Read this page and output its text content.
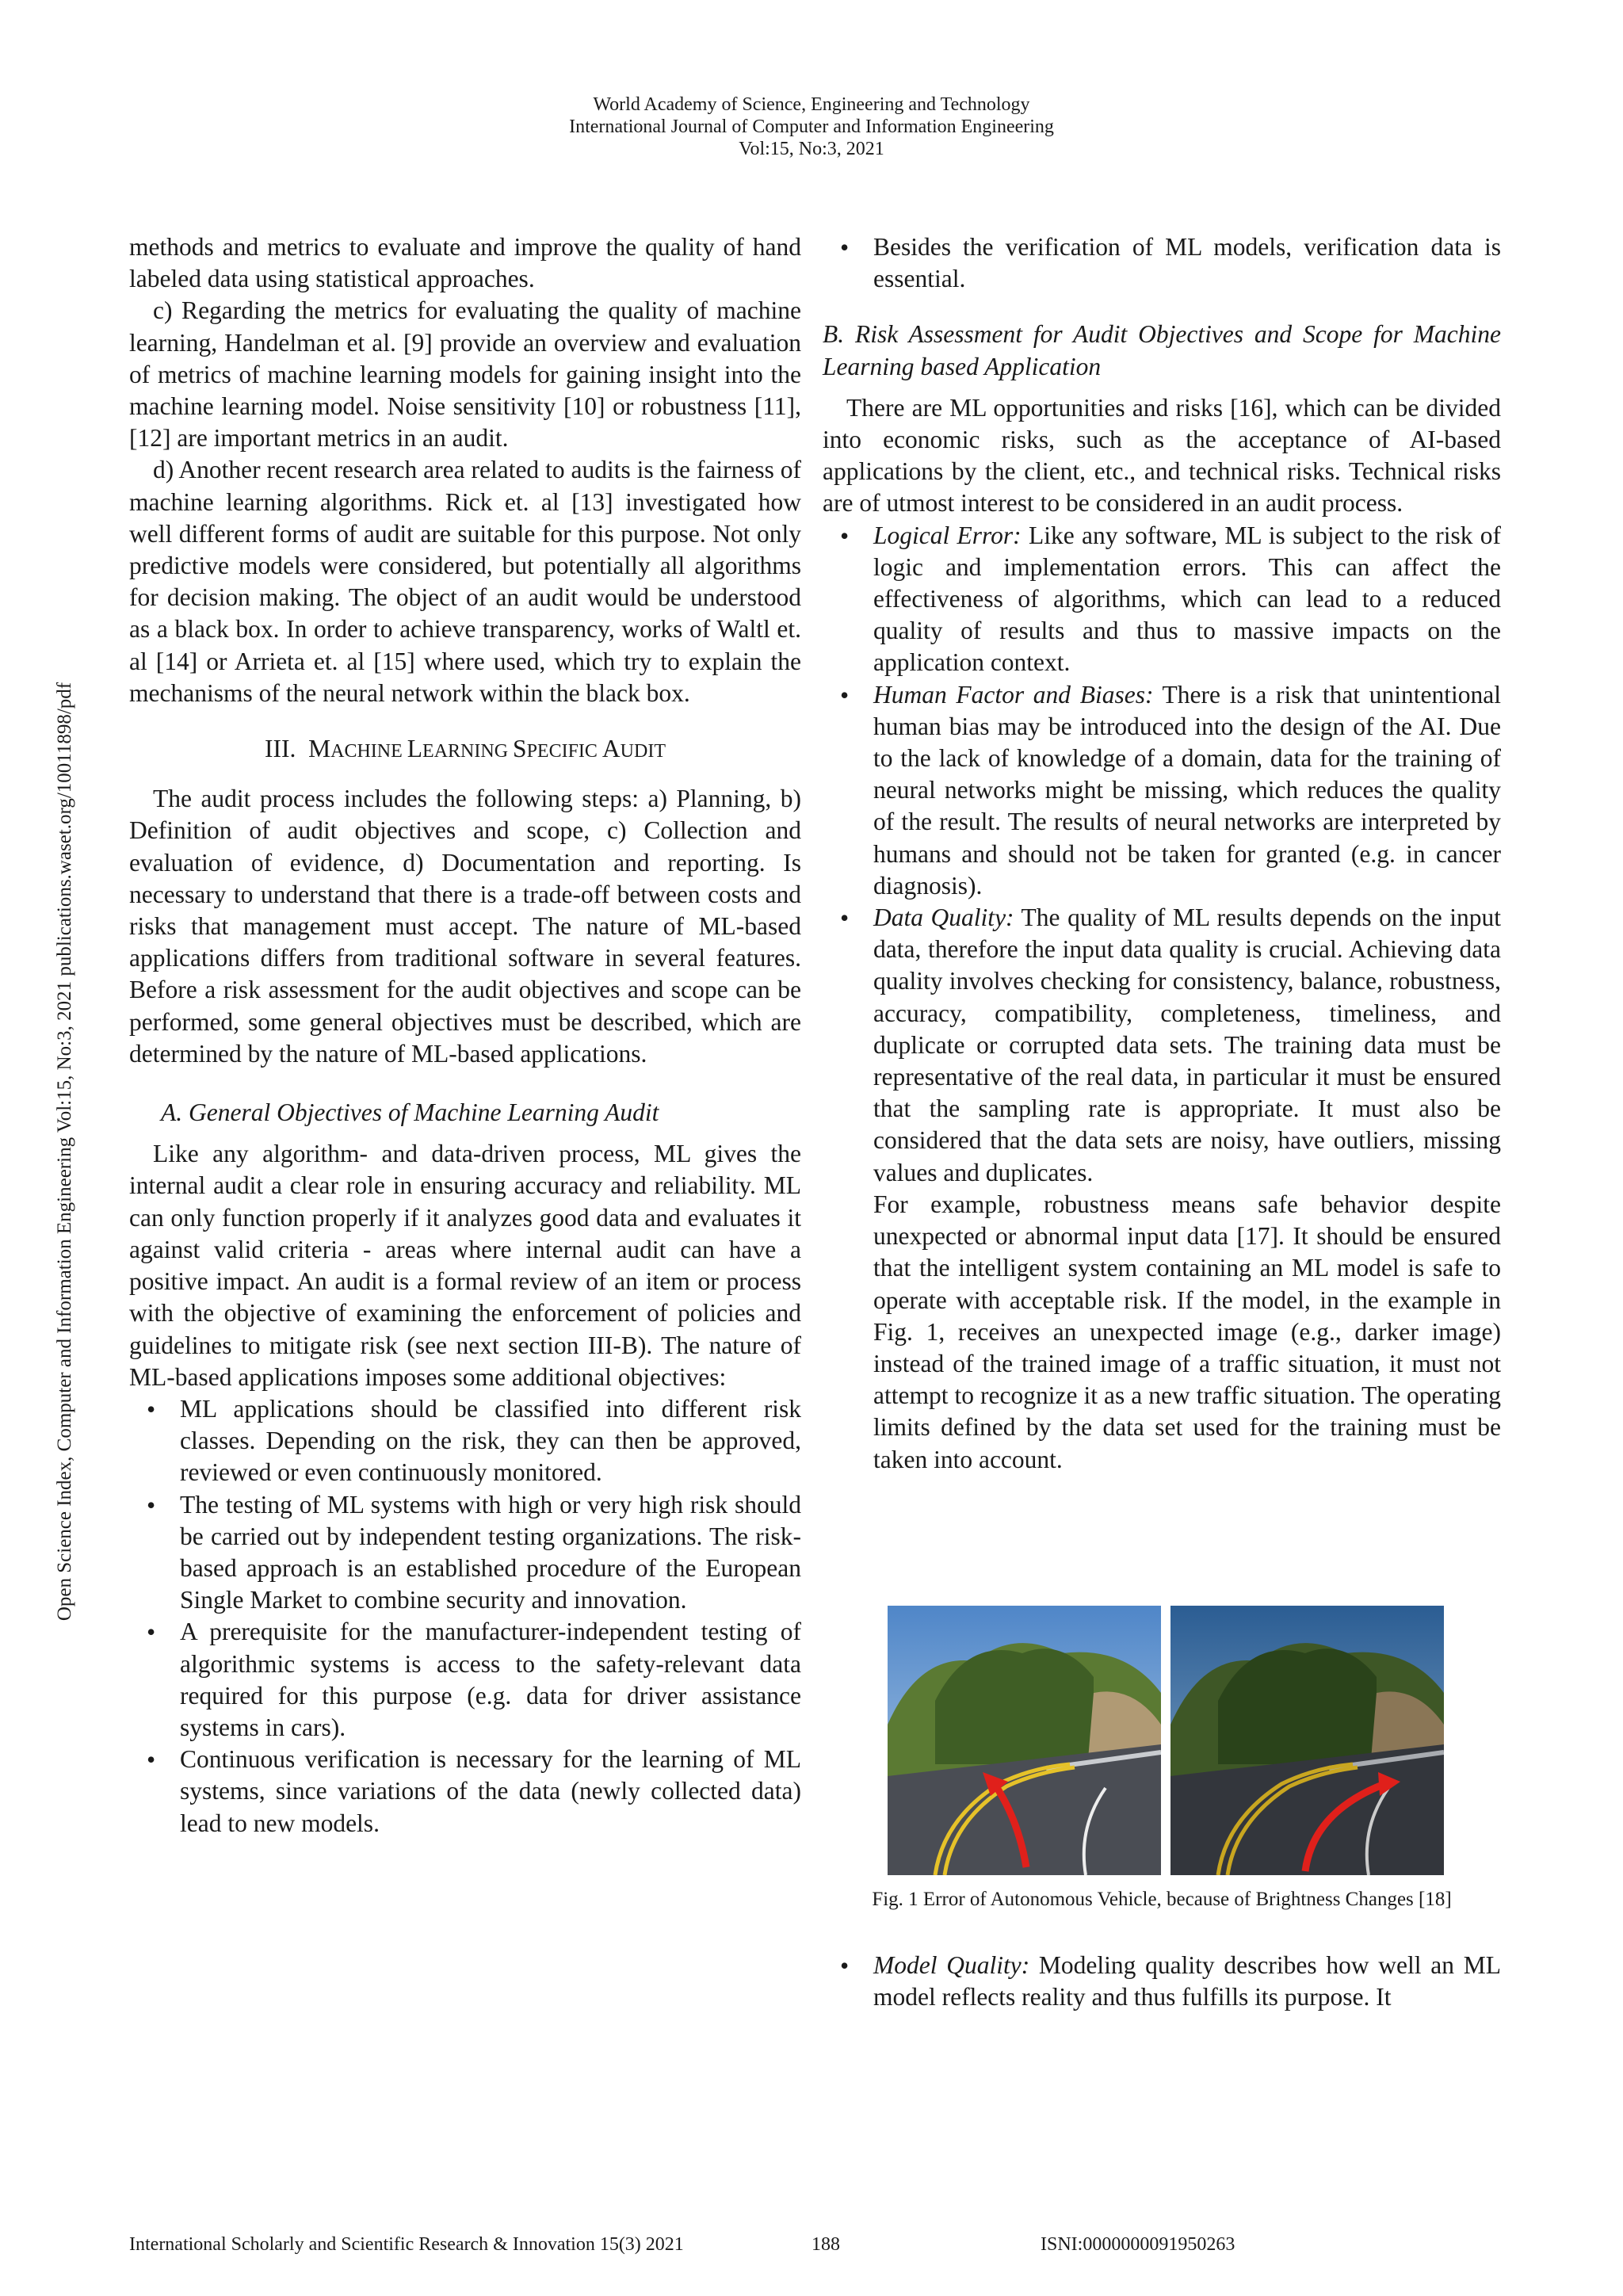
World Academy of Science, Engineering and Technology
International Journal of Computer and Information Engineering
Vol:15, No:3, 2021
Open Science Index, Computer and Information Engineering Vol:15, No:3, 2021 publications.waset.org/10011898/pdf

methods and metrics to evaluate and improve the quality of hand labeled data using statistical approaches.

c) Regarding the metrics for evaluating the quality of machine learning, Handelman et al. [9] provide an overview and evaluation of metrics of machine learning models for gaining insight into the machine learning model. Noise sensitivity [10] or robustness [11], [12] are important metrics in an audit.

d) Another recent research area related to audits is the fairness of machine learning algorithms. Rick et. al [13] investigated how well different forms of audit are suitable for this purpose. Not only predictive models were considered, but potentially all algorithms for decision making. The object of an audit would be understood as a black box. In order to achieve transparency, works of Waltl et. al [14] or Arrieta et. al [15] where used, which try to explain the mechanisms of the neural network within the black box.

III. MACHINE LEARNING SPECIFIC AUDIT

The audit process includes the following steps: a) Planning, b) Definition of audit objectives and scope, c) Collection and evaluation of evidence, d) Documentation and reporting. Is necessary to understand that there is a trade-off between costs and risks that management must accept. The nature of ML-based applications differs from traditional software in several features. Before a risk assessment for the audit objectives and scope can be performed, some general objectives must be described, which are determined by the nature of ML-based applications.

A. General Objectives of Machine Learning Audit

Like any algorithm- and data-driven process, ML gives the internal audit a clear role in ensuring accuracy and reliability. ML can only function properly if it analyzes good data and evaluates it against valid criteria - areas where internal audit can have a positive impact. An audit is a formal review of an item or process with the objective of examining the enforcement of policies and guidelines to mitigate risk (see next section III-B). The nature of ML-based applications imposes some additional objectives:

• ML applications should be classified into different risk classes. Depending on the risk, they can then be approved, reviewed or even continuously monitored.
• The testing of ML systems with high or very high risk should be carried out by independent testing organizations. The risk-based approach is an established procedure of the European Single Market to combine security and innovation.
• A prerequisite for the manufacturer-independent testing of algorithmic systems is access to the safety-relevant data required for this purpose (e.g. data for driver assistance systems in cars).
• Continuous verification is necessary for the learning of ML systems, since variations of the data (newly collected data) lead to new models.
• Besides the verification of ML models, verification data is essential.
B. Risk Assessment for Audit Objectives and Scope for Machine Learning based Application

There are ML opportunities and risks [16], which can be divided into economic risks, such as the acceptance of AI-based applications by the client, etc., and technical risks. Technical risks are of utmost interest to be considered in an audit process.

• Logical Error: Like any software, ML is subject to the risk of logic and implementation errors. This can affect the effectiveness of algorithms, which can lead to a reduced quality of results and thus to massive impacts on the application context.
• Human Factor and Biases: There is a risk that unintentional human bias may be introduced into the design of the AI. Due to the lack of knowledge of a domain, data for the training of neural networks might be missing, which reduces the quality of the result. The results of neural networks are interpreted by humans and should not be taken for granted (e.g. in cancer diagnosis).
• Data Quality: The quality of ML results depends on the input data, therefore the input data quality is crucial. Achieving data quality involves checking for consistency, balance, robustness, accuracy, compatibility, completeness, timeliness, and duplicate or corrupted data sets. The training data must be representative of the real data, in particular it must be ensured that the sampling rate is appropriate. It must also be considered that the data sets are noisy, have outliers, missing values and duplicates.
For example, robustness means safe behavior despite unexpected or abnormal input data [17]. It should be ensured that the intelligent system containing an ML model is safe to operate with acceptable risk. If the model, in the example in Fig. 1, receives an unexpected image (e.g., darker image) instead of the trained image of a traffic situation, it must not attempt to recognize it as a new traffic situation. The operating limits defined by the data set used for the training must be taken into account.
Fig. 1 Error of Autonomous Vehicle, because of Brightness Changes [18]
• Model Quality: Modeling quality describes how well an ML model reflects reality and thus fulfills its purpose. It
International Scholarly and Scientific Research & Innovation 15(3) 2021	188	ISNI:0000000091950263
